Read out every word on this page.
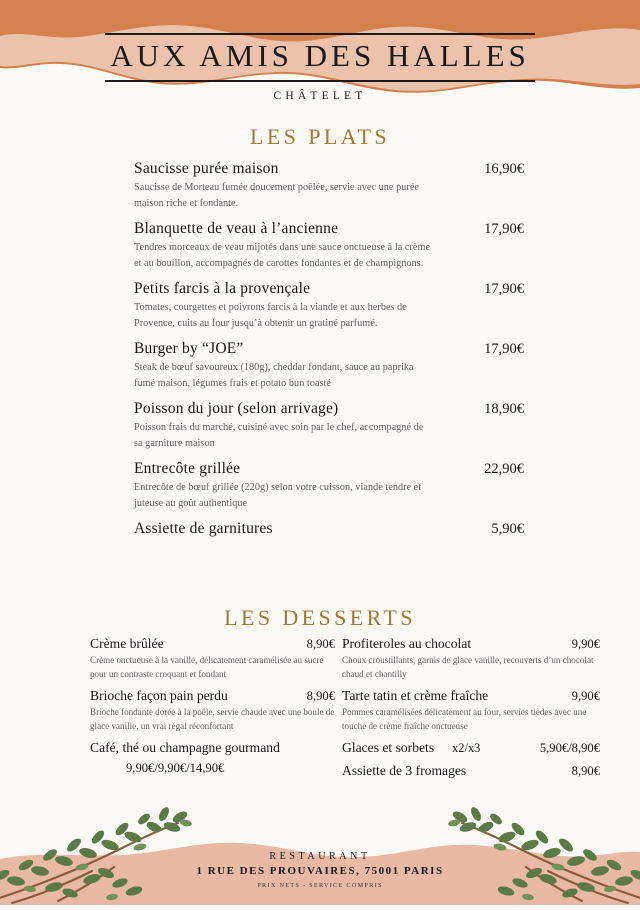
AUX AMIS DES HALLES
CHÂTELET
LES PLATS
Saucisse purée maison	16,90€
Saucisse de Morteau fumée doucement poêlée, servie avec une purée maison riche et fondante.
Blanquette de veau à l’ancienne	17,90€
Tendres morceaux de veau mijotés dans une sauce onctueuse à la crème et au bouillon, accompagnés de carottes fondantes et de champignons.
Petits farcis à la provençale	17,90€
Tomates, courgettes et poivrons farcis à la viande et aux herbes de Provence, cuits au four jusqu’à obtenir un gratiné parfumé.
Burger by “JOE”	17,90€
Steak de bœuf savoureux (180g), cheddar fondant, sauce au paprika fumé maison, légumes frais et potato bun toasté
Poisson du jour (selon arrivage)	18,90€
Poisson frais du marché, cuisiné avec soin par le chef, accompagné de sa garniture maison
Entrecôte grillée	22,90€
Entrecôte de bœuf grillée (220g) selon votre cuisson, viande tendre et juteuse au goût authentique
Assiette de garnitures	5,90€
LES DESSERTS
Crème brûlée	8,90€
Crème onctueuse à la vanille, délicatement caramélisée au sucre pour un contraste croquant et fondant
Brioche façon pain perdu	8,90€
Brioche fondante dorée à la poêle, servie chaude avec une boule de glace vanille, un vrai régal réconfortant
Café, thé ou champagne gourmand
9,90€/9,90€/14,90€
Profiteroles au chocolat	9,90€
Choux croustillants, garnis de glace vanille, recouverts d’un chocolat chaud et chantilly
Tarte tatin et crème fraîche	9,90€
Pommes caramélisées délicatement au four, servies tièdes avec une touche de crème fraîche onctueuse
Glaces et sorbets x2/x3	5,90€/8,90€
Assiette de 3 fromages	8,90€
RESTAURANT
1 RUE DES PROUVAIRES, 75001 PARIS
PRIX NETS - SERVICE COMPRIS
